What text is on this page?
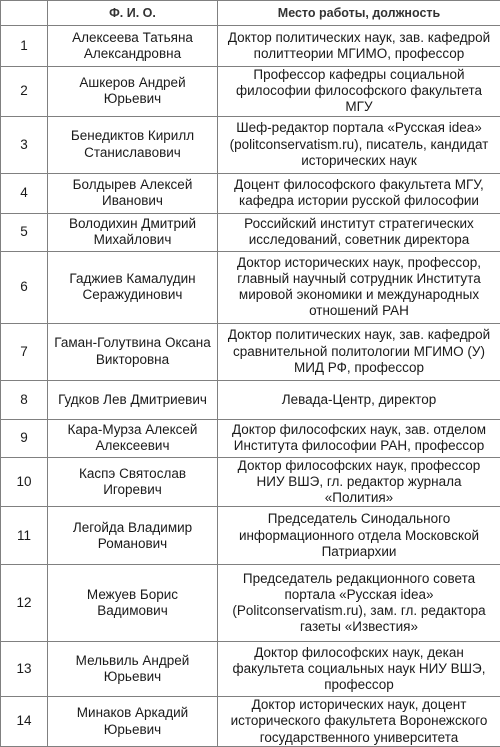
	Ф. И. О.	Место работы, должность
1	Алексеева Татьяна Александровна	Доктор политических наук, зав. кафедрой политтеории МГИМО, профессор
2	Ашкеров Андрей Юрьевич	Профессор кафедры социальной философии философского факультета МГУ
3	Бенедиктов Кирилл Станиславович	Шеф-редактор портала «Русская idea» (politconservatism.ru), писатель, кандидат исторических наук
4	Болдырев Алексей Иванович	Доцент философского факультета МГУ, кафедра истории русской философии
5	Володихин Дмитрий Михайлович	Российский институт стратегических исследований, советник директора
6	Гаджиев Камалудин Серажудинович	Доктор исторических наук, профессор, главный научный сотрудник Института мировой экономики и международных отношений РАН
7	Гаман-Голутвина Оксана Викторовна	Доктор политических наук, зав. кафедрой сравнительной политологии МГИМО (У) МИД РФ, профессор
8	Гудков Лев Дмитриевич	Левада-Центр, директор
9	Кара-Мурза Алексей Алексеевич	Доктор философских наук, зав. отделом Института философии РАН, профессор
10	Каспэ Святослав Игоревич	Доктор философских наук, профессор НИУ ВШЭ, гл. редактор журнала «Полития»
11	Легойда Владимир Романович	Председатель Синодального информационного отдела Московской Патриархии
12	Межуев Борис Вадимович	Председатель редакционного совета портала «Русская idea» (Politconservatism.ru), зам. гл. редактора газеты «Известия»
13	Мельвиль Андрей Юрьевич	Доктор философских наук, декан факультета социальных наук НИУ ВШЭ, профессор
14	Минаков Аркадий Юрьевич	Доктор исторических наук, доцент исторического факультета Воронежского государственного университета
